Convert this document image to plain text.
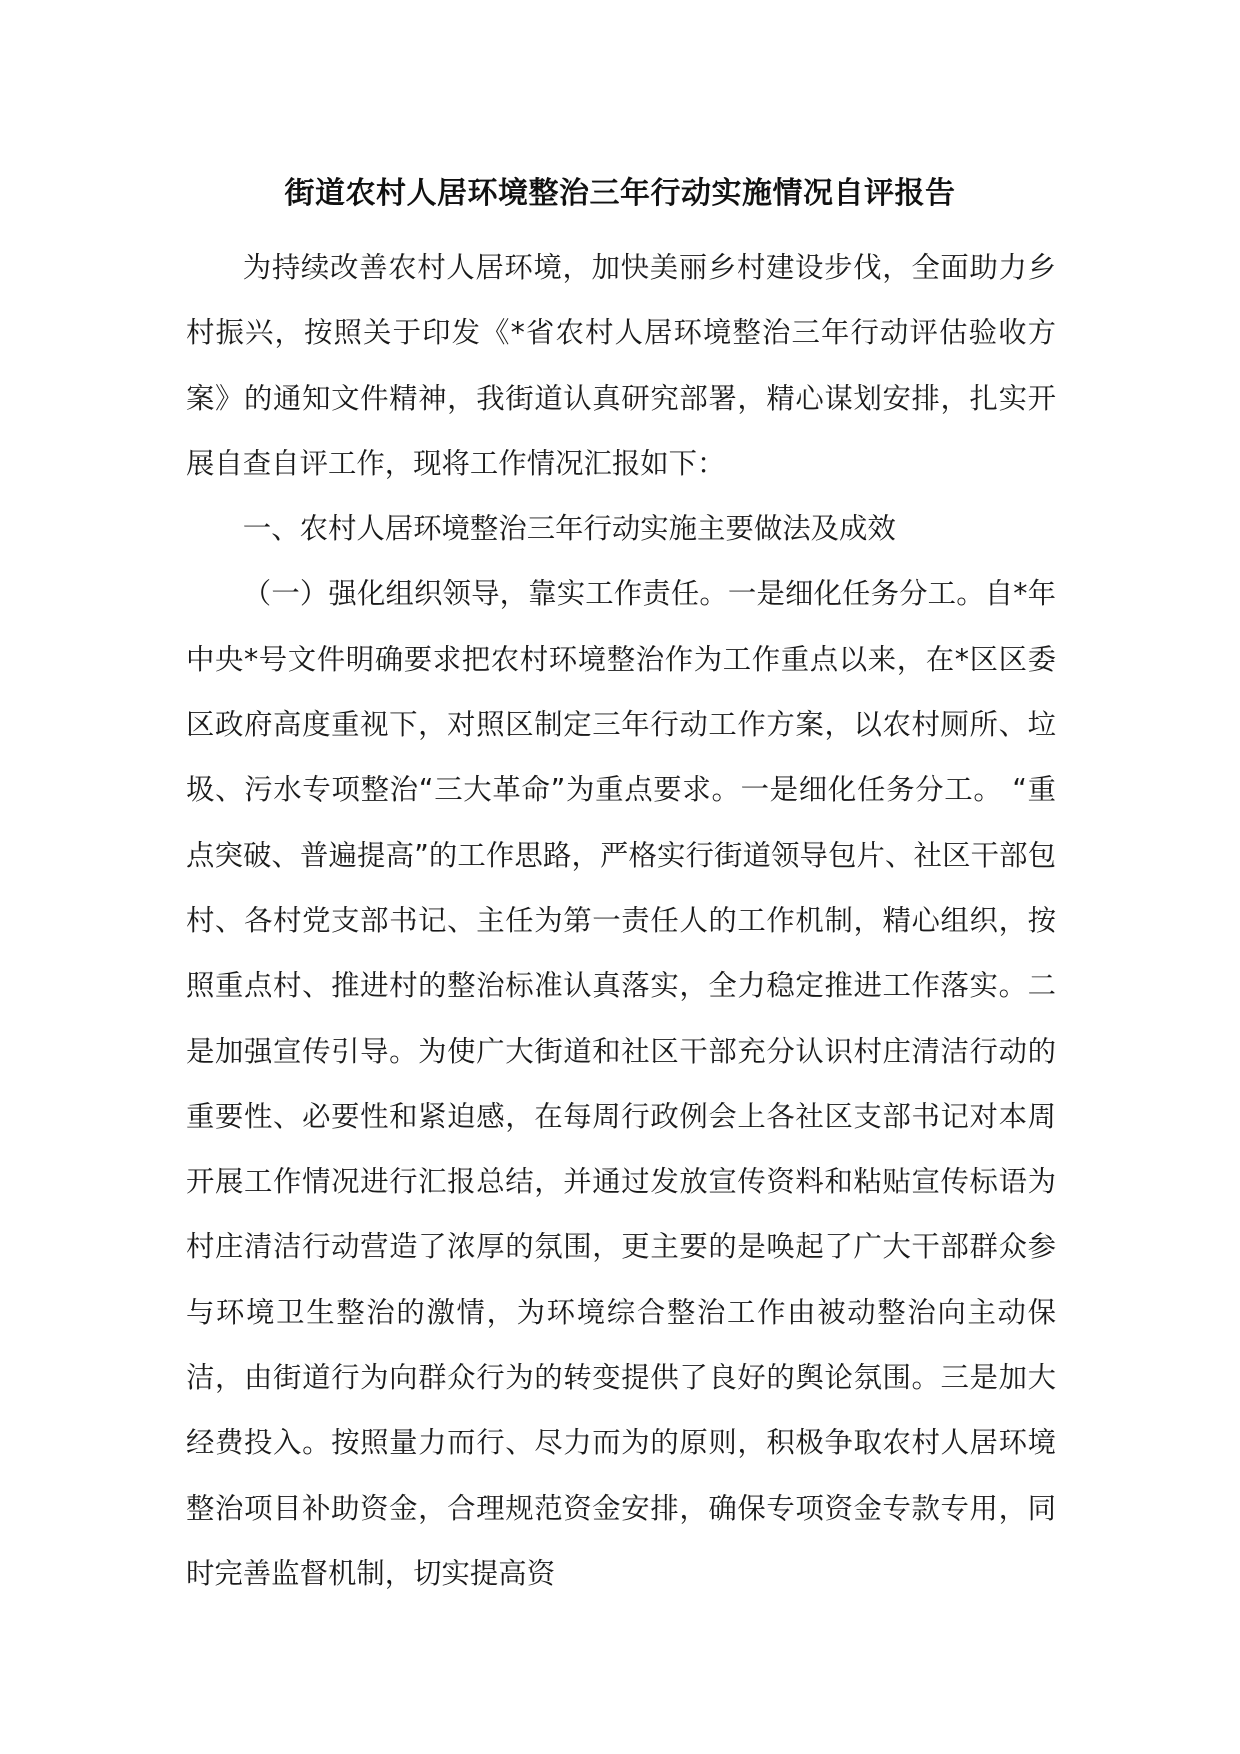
街道农村人居环境整治三年行动实施情况自评报告

为持续改善农村人居环境，加快美丽乡村建设步伐，全面助力乡村振兴，按照关于印发《*省农村人居环境整治三年行动评估验收方案》的通知文件精神，我街道认真研究部署，精心谋划安排，扎实开展自查自评工作，现将工作情况汇报如下：

一、农村人居环境整治三年行动实施主要做法及成效

（一）强化组织领导，靠实工作责任。一是细化任务分工。自*年中央*号文件明确要求把农村环境整治作为工作重点以来，在*区区委区政府高度重视下，对照区制定三年行动工作方案，以农村厕所、垃圾、污水专项整治“三大革命”为重点要求。一是细化任务分工。 “重点突破、普遍提高”的工作思路，严格实行街道领导包片、社区干部包村、各村党支部书记、主任为第一责任人的工作机制，精心组织，按照重点村、推进村的整治标准认真落实，全力稳定推进工作落实。二是加强宣传引导。为使广大街道和社区干部充分认识村庄清洁行动的重要性、必要性和紧迫感，在每周行政例会上各社区支部书记对本周开展工作情况进行汇报总结，并通过发放宣传资料和粘贴宣传标语为村庄清洁行动营造了浓厚的氛围，更主要的是唤起了广大干部群众参与环境卫生整治的激情，为环境综合整治工作由被动整治向主动保洁，由街道行为向群众行为的转变提供了良好的舆论氛围。三是加大经费投入。按照量力而行、尽力而为的原则，积极争取农村人居环境整治项目补助资金，合理规范资金安排，确保专项资金专款专用，同时完善监督机制，切实提高资
